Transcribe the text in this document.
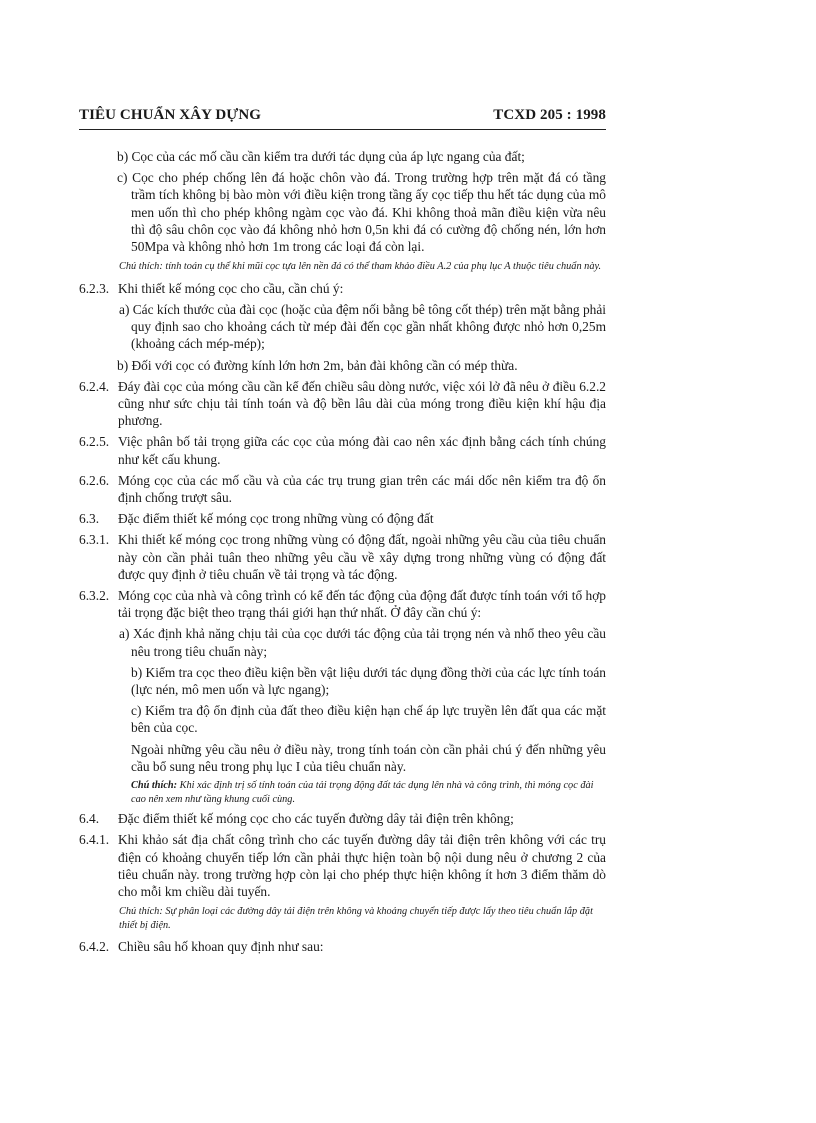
TIÊU CHUẨN XÂY DỰNG	TCXD 205 : 1998
b) Cọc của các mố cầu cần kiểm tra dưới tác dụng của áp lực ngang của đất;
c) Cọc cho phép chống lên đá hoặc chôn vào đá. Trong trường hợp trên mặt đá có tầng trầm tích không bị bào mòn với điều kiện trong tầng ấy cọc tiếp thu hết tác dụng của mô men uốn thì cho phép không ngàm cọc vào đá. Khi không thoả mãn điều kiện vừa nêu thì độ sâu chôn cọc vào đá không nhỏ hơn 0,5n khi đá có cường độ chống nén, lớn hơn 50Mpa và không nhỏ hơn 1m trong các loại đá còn lại.
Chú thích: tính toán cụ thể khi mũi cọc tựa lên nền đá có thể tham khảo điều A.2 của phụ lục A thuộc tiêu chuẩn này.
6.2.3. Khi thiết kế móng cọc cho cầu, cần chú ý:
a) Các kích thước của đài cọc (hoặc của đệm nối bằng bê tông cốt thép) trên mặt bằng phải quy định sao cho khoảng cách từ mép đài đến cọc gần nhất không được nhỏ hơn 0,25m (khoảng cách mép-mép);
b) Đối với cọc có đường kính lớn hơn 2m, bản đài không cần có mép thừa.
6.2.4. Đáy đài cọc của móng cầu cần kể đến chiều sâu dòng nước, việc xói lở đã nêu ở điều 6.2.2 cũng như sức chịu tải tính toán và độ bền lâu dài của móng trong điều kiện khí hậu địa phương.
6.2.5. Việc phân bố tải trọng giữa các cọc của móng đài cao nên xác định bằng cách tính chúng như kết cấu khung.
6.2.6. Móng cọc của các mố cầu và của các trụ trung gian trên các mái dốc nên kiểm tra độ ổn định chống trượt sâu.
6.3. Đặc điểm thiết kế móng cọc trong những vùng có động đất
6.3.1. Khi thiết kế móng cọc trong những vùng có động đất, ngoài những yêu cầu của tiêu chuẩn này còn cần phải tuân theo những yêu cầu về xây dựng trong những vùng có động đất được quy định ở tiêu chuẩn về tải trọng và tác động.
6.3.2. Móng cọc của nhà và công trình có kể đến tác động của động đất được tính toán với tổ hợp tải trọng đặc biệt theo trạng thái giới hạn thứ nhất. Ở đây cần chú ý:
a) Xác định khả năng chịu tải của cọc dưới tác động của tải trọng nén và nhổ theo yêu cầu nêu trong tiêu chuẩn này;
b) Kiểm tra cọc theo điều kiện bền vật liệu dưới tác dụng đồng thời của các lực tính toán (lực nén, mô men uốn và lực ngang);
c) Kiểm tra độ ổn định của đất theo điều kiện hạn chế áp lực truyền lên đất qua các mặt bên của cọc.
Ngoài những yêu cầu nêu ở điều này, trong tính toán còn cần phải chú ý đến những yêu cầu bổ sung nêu trong phụ lục I của tiêu chuẩn này.
Chú thích: Khi xác định trị số tính toán của tải trọng động đất tác dụng lên nhà và công trình, thì móng cọc đài cao nên xem như tầng khung cuối cùng.
6.4. Đặc điểm thiết kế móng cọc cho các tuyến đường dây tải điện trên không;
6.4.1. Khi khảo sát địa chất công trình cho các tuyến đường dây tải điện trên không với các trụ điện có khoảng chuyển tiếp lớn cần phải thực hiện toàn bộ nội dung nêu ở chương 2 của tiêu chuẩn này. trong trường hợp còn lại cho phép thực hiện không ít hơn 3 điểm thăm dò cho mỗi km chiều dài tuyến.
Chú thích: Sự phân loại các đường dây tải điện trên không và khoảng chuyển tiếp được lấy theo tiêu chuẩn lắp đặt thiết bị điện.
6.4.2. Chiều sâu hố khoan quy định như sau:
